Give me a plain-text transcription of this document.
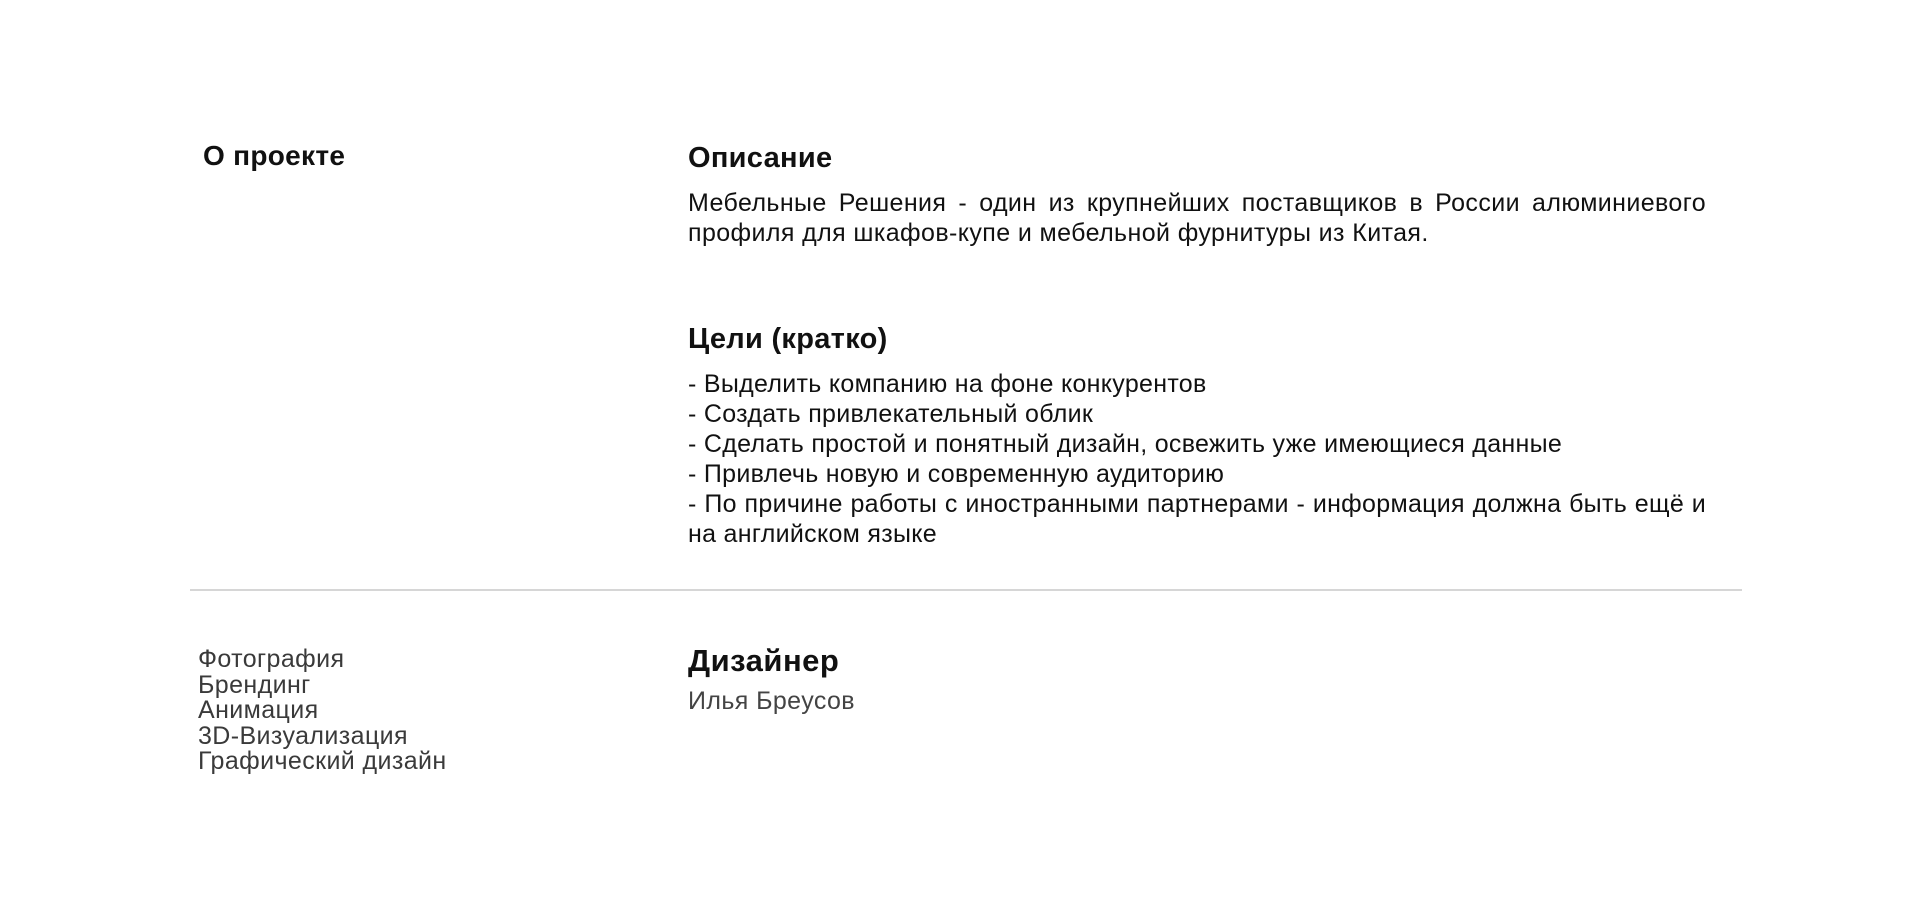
О проекте	Описание
Мебельные Решения - один из крупнейших поставщиков в России алюминиевого профиля для шкафов-купе и мебельной фурнитуры из Китая.
Цели (кратко)
- Выделить компанию на фоне конкурентов
- Создать привлекательный облик
- Сделать простой и понятный дизайн, освежить уже имеющиеся данные
- Привлечь новую и современную аудиторию
- По причине работы с иностранными партнерами - информация должна быть ещё и на английском языке
Фотография
Брендинг
Анимация
3D-Визуализация
Графический дизайн
Дизайнер
Илья Бреусов
